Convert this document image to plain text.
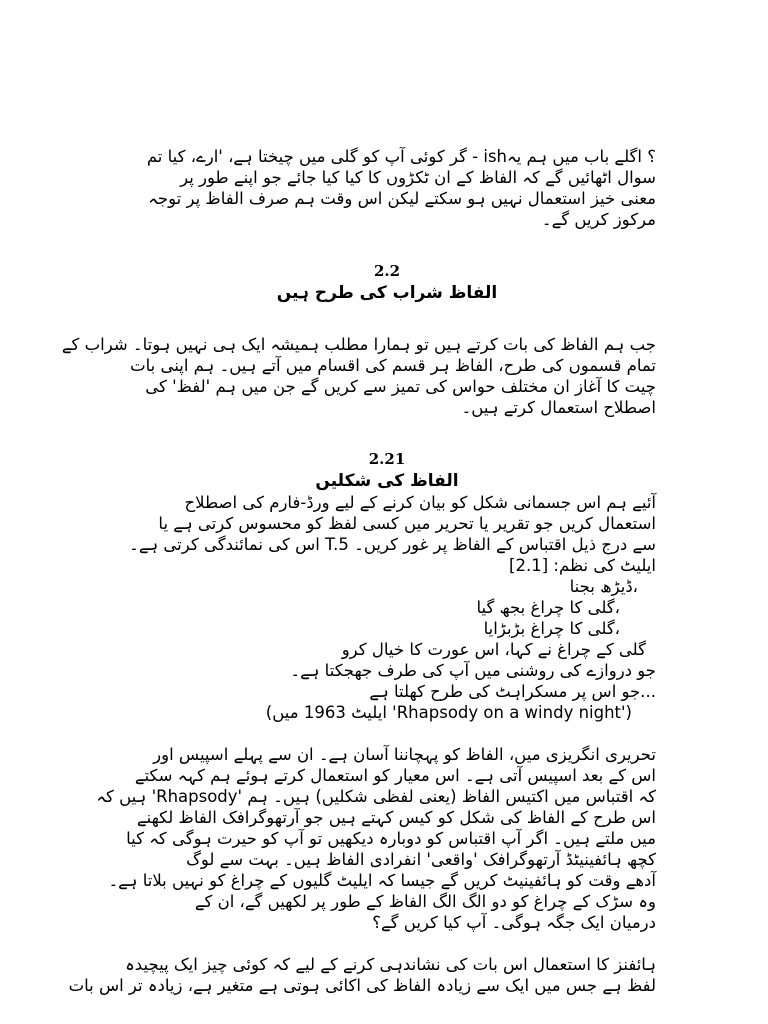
؟ اگلے باب میں ہم یہish - گر کوئی آپ کو گلی میں چیختا ہے، 'ارے، کیا تم

سوال اٹھائیں گے کہ الفاظ کے ان ٹکڑوں کا کیا کیا جائے جو اپنے طور پر

معنی خیز استعمال نہیں ہو سکتے لیکن اس وقت ہم صرف الفاظ پر توجہ

مرکوز کریں گے۔

2.2
الفاظ شراب کی طرح ہیں

جب ہم الفاظ کی بات کرتے ہیں تو ہمارا مطلب ہمیشہ ایک ہی نہیں ہوتا۔ شراب کے

تمام قسموں کی طرح، الفاظ ہر قسم کی اقسام میں آتے ہیں۔ ہم اپنی بات

چیت کا آغاز ان مختلف حواس کی تمیز سے کریں گے جن میں ہم 'لفظ' کی

اصطلاح استعمال کرتے ہیں۔

2.21
الفاظ کی شکلیں

آئیے ہم اس جسمانی شکل کو بیان کرنے کے لیے ورڈ-فارم کی اصطلاح

استعمال کریں جو تقریر یا تحریر میں کسی لفظ کو محسوس کرتی ہے یا

سے درج ذیل اقتباس کے الفاظ پر غور کریں۔ T.5 اس کی نمائندگی کرتی ہے۔

ایلیٹ کی نظم: [2.1]

،ڈیڑھ بجنا

،گلی کا چراغ بجھ گیا

،گلی کا چراغ بڑبڑایا

گلی کے چراغ نے کہا، اس عورت کا خیال کرو

جو دروازے کی روشنی میں آپ کی طرف جھجکتا ہے۔

...جو اس پر مسکراہٹ کی طرح کھلتا ہے

('Rhapsody on a windy night' ایلیٹ 1963 میں)

تحریری انگریزی میں، الفاظ کو پہچاننا آسان ہے۔ ان سے پہلے اسپیس اور

اس کے بعد اسپیس آتی ہے۔ اس معیار کو استعمال کرتے ہوئے ہم کہہ سکتے

کہ اقتباس میں اکتیس الفاظ (یعنی لفظی شکلیں) ہیں۔ ہم 'Rhapsody' ہیں کہ

اس طرح کے الفاظ کی شکل کو کیس کہتے ہیں جو آرتھوگرافک الفاظ لکھنے

میں ملتے ہیں۔ اگر آپ اقتباس کو دوبارہ دیکھیں تو آپ کو حیرت ہوگی کہ کیا

کچھ ہائفینیٹڈ آرتھوگرافک 'واقعی' انفرادی الفاظ ہیں۔ بہت سے لوگ

آدھے وقت کو ہائفینیٹ کریں گے جیسا کہ ایلیٹ گلیوں کے چراغ کو نہیں بلاتا ہے۔

وہ سڑک کے چراغ کو دو الگ الگ الفاظ کے طور پر لکھیں گے، ان کے

درمیان ایک جگہ ہوگی۔ آپ کیا کریں گے؟

ہائفنز کا استعمال اس بات کی نشاندہی کرنے کے لیے کہ کوئی چیز ایک پیچیدہ

لفظ ہے جس میں ایک سے زیادہ الفاظ کی اکائی ہوتی ہے متغیر ہے، زیادہ تر اس بات
